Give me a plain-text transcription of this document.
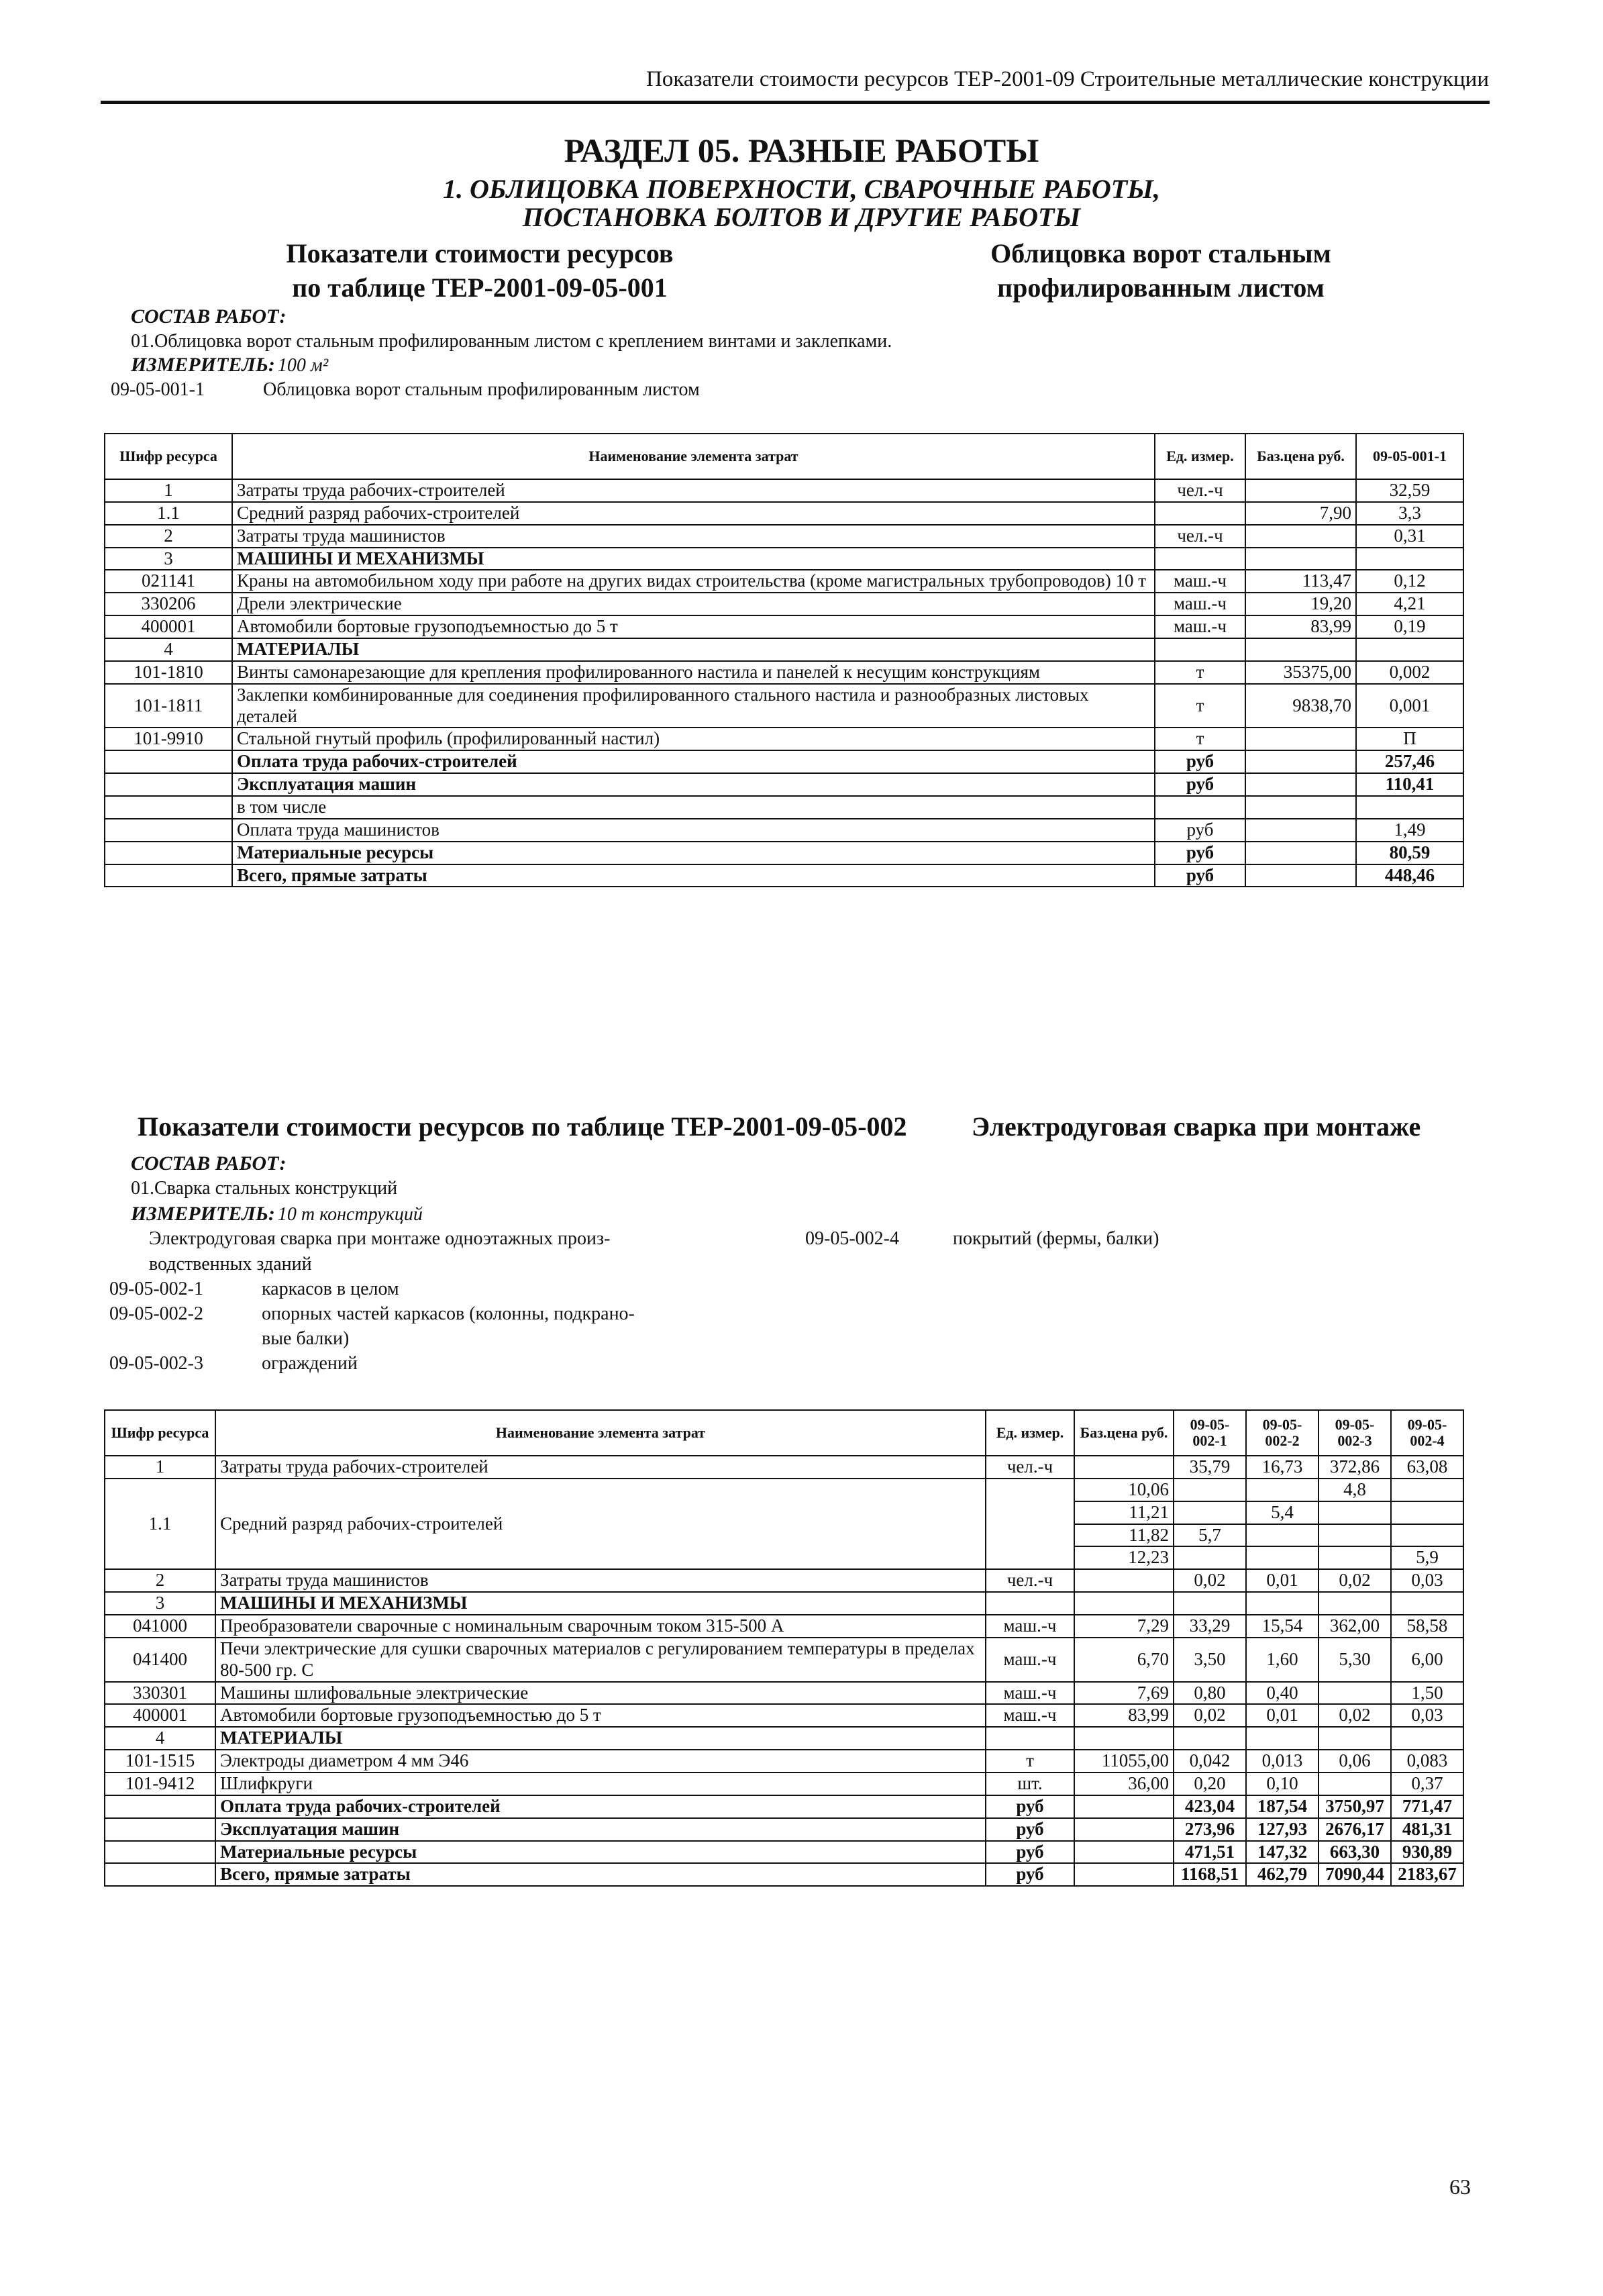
Показатели стоимости ресурсов ТЕР-2001-09 Строительные металлические конструкции
РАЗДЕЛ 05. РАЗНЫЕ РАБОТЫ
1. ОБЛИЦОВКА ПОВЕРХНОСТИ, СВАРОЧНЫЕ РАБОТЫ,
ПОСТАНОВКА БОЛТОВ И ДРУГИЕ РАБОТЫ
Показатели стоимости ресурсов
по таблице ТЕР-2001-09-05-001
Облицовка ворот стальным
профилированным листом
СОСТАВ РАБОТ:
01.Облицовка ворот стальным профилированным листом с креплением винтами и заклепками.
ИЗМЕРИТЕЛЬ: 100 м²
09-05-001-1	Облицовка ворот стальным профилированным листом
Шифр ресурса	Наименование элемента затрат	Ед. измер.	Баз.цена руб.	09-05-001-1
1	Затраты труда рабочих-строителей	чел.-ч		32,59
1.1	Средний разряд рабочих-строителей		7,90	3,3
2	Затраты труда машинистов	чел.-ч		0,31
3	МАШИНЫ И МЕХАНИЗМЫ			
021141	Краны на автомобильном ходу при работе на других видах строительства (кроме магистральных трубопроводов) 10 т	маш.-ч	113,47	0,12
330206	Дрели электрические	маш.-ч	19,20	4,21
400001	Автомобили бортовые грузоподъемностью до 5 т	маш.-ч	83,99	0,19
4	МАТЕРИАЛЫ			
101-1810	Винты самонарезающие для крепления профилированного настила и панелей к несущим конструкциям	т	35375,00	0,002
101-1811	Заклепки комбинированные для соединения профилированного стального настила и разнообразных листовых деталей	т	9838,70	0,001
101-9910	Стальной гнутый профиль (профилированный настил)	т		П
	Оплата труда рабочих-строителей	руб		257,46
	Эксплуатация машин	руб		110,41
	в том числе			
	Оплата труда машинистов	руб		1,49
	Материальные ресурсы	руб		80,59
	Всего, прямые затраты	руб		448,46
Показатели стоимости ресурсов по таблице ТЕР-2001-09-05-002 Электродуговая сварка при монтаже
СОСТАВ РАБОТ:
01.Сварка стальных конструкций
ИЗМЕРИТЕЛЬ: 10 т конструкций
Электродуговая сварка при монтаже одноэтажных произ-
водственных зданий
09-05-002-4	покрытий (фермы, балки)
09-05-002-1	каркасов в целом
09-05-002-2	опорных частей каркасов (колонны, подкрано-
вые балки)
09-05-002-3	ограждений
Шифр ресурса	Наименование элемента затрат	Ед. измер.	Баз.цена руб.	09-05-002-1	09-05-002-2	09-05-002-3	09-05-002-4
1	Затраты труда рабочих-строителей	чел.-ч		35,79	16,73	372,86	63,08
1.1	Средний разряд рабочих-строителей		10,06			4,8	
			11,21		5,4		
			11,82	5,7			
			12,23				5,9
2	Затраты труда машинистов	чел.-ч		0,02	0,01	0,02	0,03
3	МАШИНЫ И МЕХАНИЗМЫ						
041000	Преобразователи сварочные с номинальным сварочным током 315-500 А	маш.-ч	7,29	33,29	15,54	362,00	58,58
041400	Печи электрические для сушки сварочных материалов с регулированием температуры в пределах 80-500 гр. С	маш.-ч	6,70	3,50	1,60	5,30	6,00
330301	Машины шлифовальные электрические	маш.-ч	7,69	0,80	0,40		1,50
400001	Автомобили бортовые грузоподъемностью до 5 т	маш.-ч	83,99	0,02	0,01	0,02	0,03
4	МАТЕРИАЛЫ						
101-1515	Электроды диаметром 4 мм Э46	т	11055,00	0,042	0,013	0,06	0,083
101-9412	Шлифкруги	шт.	36,00	0,20	0,10		0,37
	Оплата труда рабочих-строителей	руб		423,04	187,54	3750,97	771,47
	Эксплуатация машин	руб		273,96	127,93	2676,17	481,31
	Материальные ресурсы	руб		471,51	147,32	663,30	930,89
	Всего, прямые затраты	руб		1168,51	462,79	7090,44	2183,67
63
